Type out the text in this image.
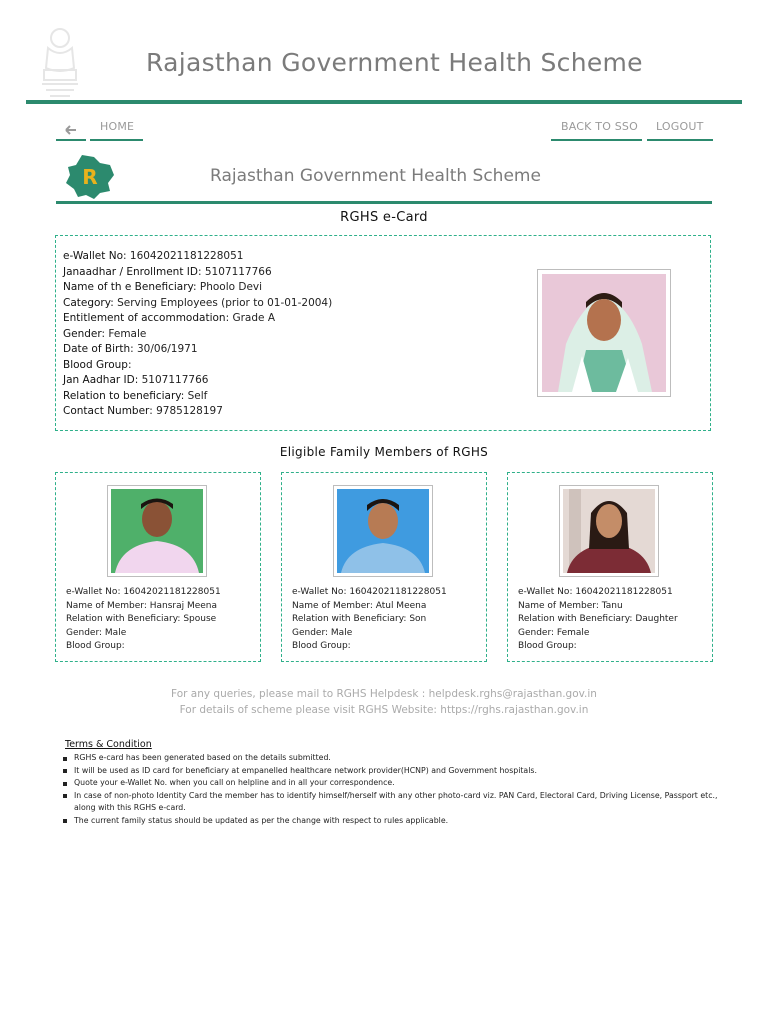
Rajasthan Government Health Scheme
HOME	BACK TO SSO LOGOUT
R	Rajasthan Government Health Scheme
RGHS e-Card
e-Wallet No: 16042021181228051
Janaadhar / Enrollment ID: 5107117766
Name of th e Beneficiary: Phoolo Devi
Category: Serving Employees (prior to 01-01-2004)
Entitlement of accommodation: Grade A
Gender: Female
Date of Birth: 30/06/1971
Blood Group:
Jan Aadhar ID: 5107117766
Relation to beneficiary: Self
Contact Number: 9785128197
Eligible Family Members of RGHS
e-Wallet No: 16042021181228051
Name of Member: Hansraj Meena
Relation with Beneficiary: Spouse
Gender: Male
Blood Group:
e-Wallet No: 16042021181228051
Name of Member: Atul Meena
Relation with Beneficiary: Son
Gender: Male
Blood Group:
e-Wallet No: 16042021181228051
Name of Member: Tanu
Relation with Beneficiary: Daughter
Gender: Female
Blood Group:
For any queries, please mail to RGHS Helpdesk : helpdesk.rghs@rajasthan.gov.in
For details of scheme please visit RGHS Website: https://rghs.rajasthan.gov.in
Terms & Condition
RGHS e-card has been generated based on the details submitted.
It will be used as ID card for beneficiary at empanelled healthcare network provider(HCNP) and Government hospitals.
Quote your e-Wallet No. when you call on helpline and in all your correspondence.
In case of non-photo Identity Card the member has to identify himself/herself with any other photo-card viz. PAN Card, Electoral Card, Driving License, Passport etc., along with this RGHS e-card.
The current family status should be updated as per the change with respect to rules applicable.
